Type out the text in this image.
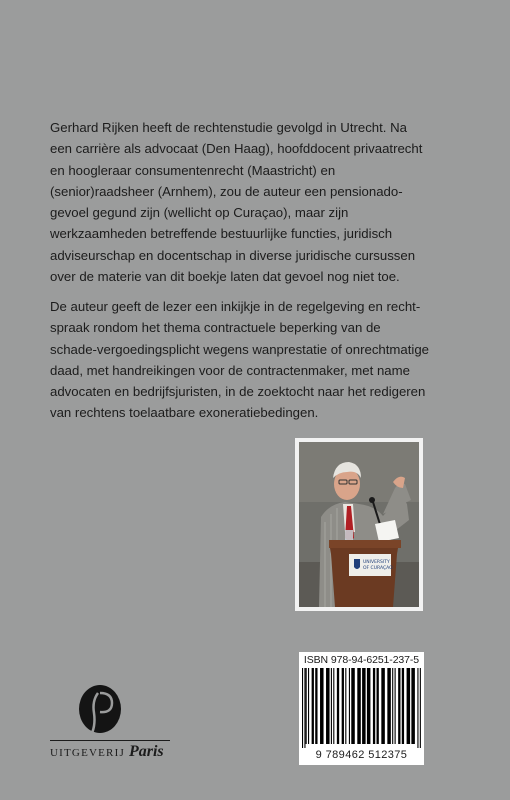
Gerhard Rijken heeft de rechtenstudie gevolgd in Utrecht. Na een carrière als advocaat (Den Haag), hoofddocent privaatrecht en hoogleraar consumentenrecht (Maastricht) en (senior)raadsheer (Arnhem), zou de auteur een pensionado-gevoel gegund zijn (wellicht op Curaçao), maar zijn werkzaamheden betreffende bestuurlijke functies, juridisch adviseurschap en docentschap in diverse juridische cursussen over de materie van dit boekje laten dat gevoel nog niet toe.

De auteur geeft de lezer een inkijkje in de regelgeving en recht-spraak rondom het thema contractuele beperking van de schade-vergoedingsplicht wegens wanprestatie of onrechtmatige daad, met handreikingen voor de contractenmaker, met name advocaten en bedrijfsjuristen, in de zoektocht naar het redigeren van rechtens toelaatbare exoneratiebedingen.

UNIVERSITY
OF CURAÇAO
ISBN 978-94-6251-237-5
9 789462 512375
UITGEVERIJ Paris
